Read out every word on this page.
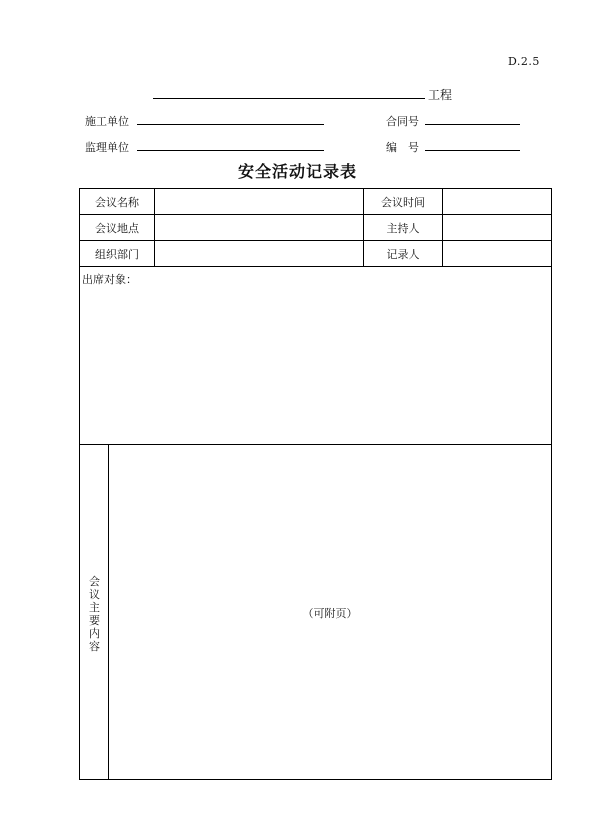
D.2.5
工程
施工单位	合同号
监理单位	编　号
安全活动记录表
会议名称	会议时间
会议地点	主持人
组织部门	记录人
出席对象：
会
议
主
要
内
容
（可附页）
